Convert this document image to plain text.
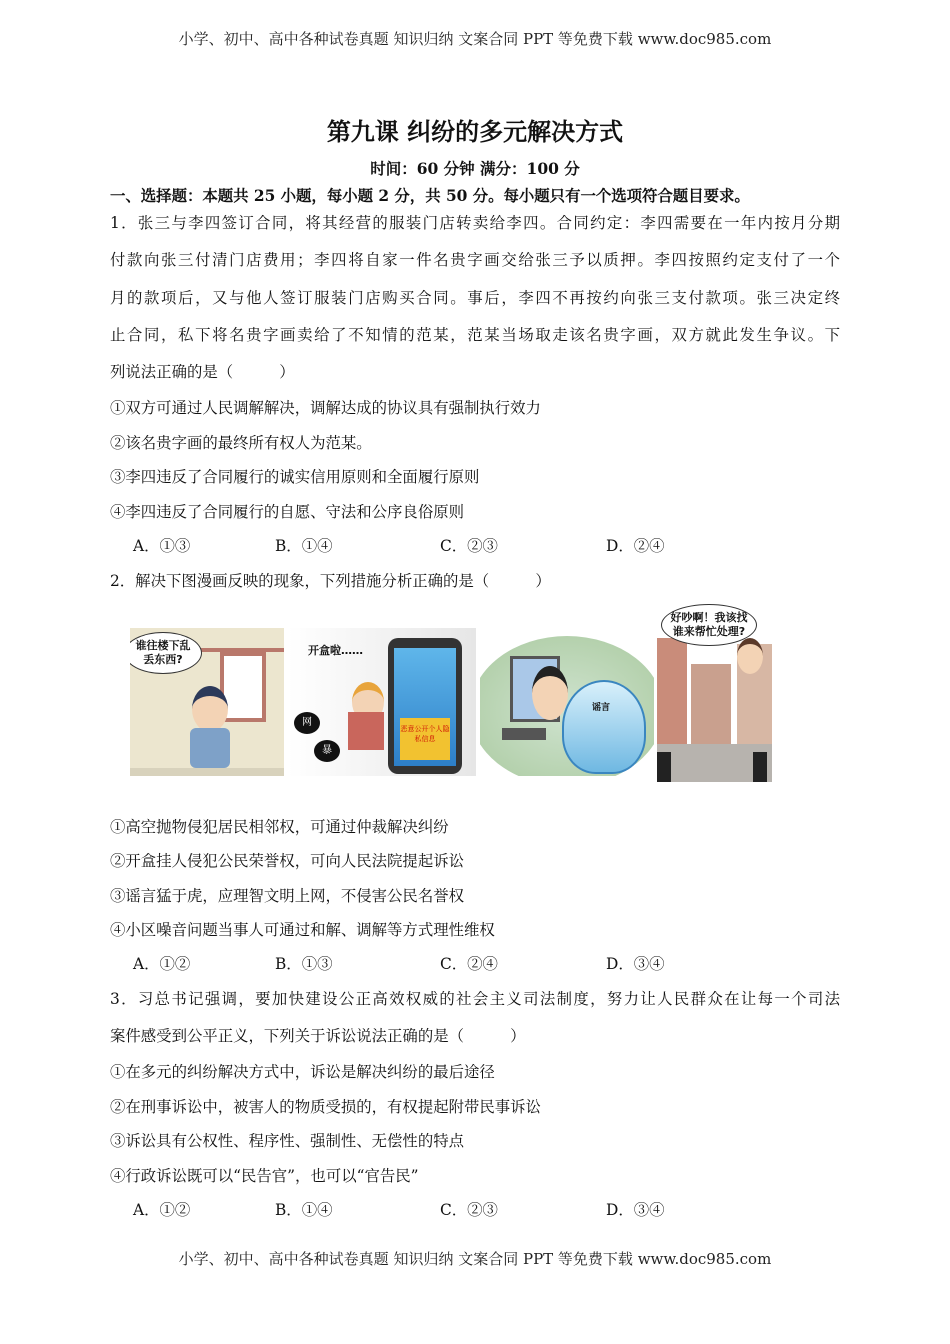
小学、初中、高中各种试卷真题 知识归纳 文案合同 PPT 等免费下载 www.doc985.com
第九课 纠纷的多元解决方式
时间：60 分钟 满分：100 分
一、选择题：本题共 25 小题，每小题 2 分，共 50 分。每小题只有一个选项符合题目要求。
1．张三与李四签订合同，将其经营的服装门店转卖给李四。合同约定：李四需要在一年内按月分期
付款向张三付清门店费用；李四将自家一件名贵字画交给张三予以质押。李四按照约定支付了一个
月的款项后，又与他人签订服装门店购买合同。事后，李四不再按约向张三支付款项。张三决定终
止合同，私下将名贵字画卖给了不知情的范某，范某当场取走该名贵字画，双方就此发生争议。下
列说法正确的是（　　　）
①双方可通过人民调解解决，调解达成的协议具有强制执行效力
②该名贵字画的最终所有权人为范某。
③李四违反了合同履行的诚实信用原则和全面履行原则
④李四违反了合同履行的自愿、守法和公序良俗原则
A．①③	B．①④	C．②③	D．②④
2．解决下图漫画反映的现象，下列措施分析正确的是（　　　）
谁往楼下乱丢东西?
开盒啦……
恶意公开个人隐私信息
网
暴
谣言
好吵啊！我该找谁来帮忙处理?
①高空抛物侵犯居民相邻权，可通过仲裁解决纠纷
②开盒挂人侵犯公民荣誉权，可向人民法院提起诉讼
③谣言猛于虎，应理智文明上网，不侵害公民名誉权
④小区噪音问题当事人可通过和解、调解等方式理性维权
A．①②	B．①③	C．②④	D．③④
3．习总书记强调，要加快建设公正高效权威的社会主义司法制度，努力让人民群众在让每一个司法
案件感受到公平正义，下列关于诉讼说法正确的是（　　　）
①在多元的纠纷解决方式中，诉讼是解决纠纷的最后途径
②在刑事诉讼中，被害人的物质受损的，有权提起附带民事诉讼
③诉讼具有公权性、程序性、强制性、无偿性的特点
④行政诉讼既可以“民告官”，也可以“官告民”
A．①②	B．①④	C．②③	D．③④
小学、初中、高中各种试卷真题 知识归纳 文案合同 PPT 等免费下载 www.doc985.com
